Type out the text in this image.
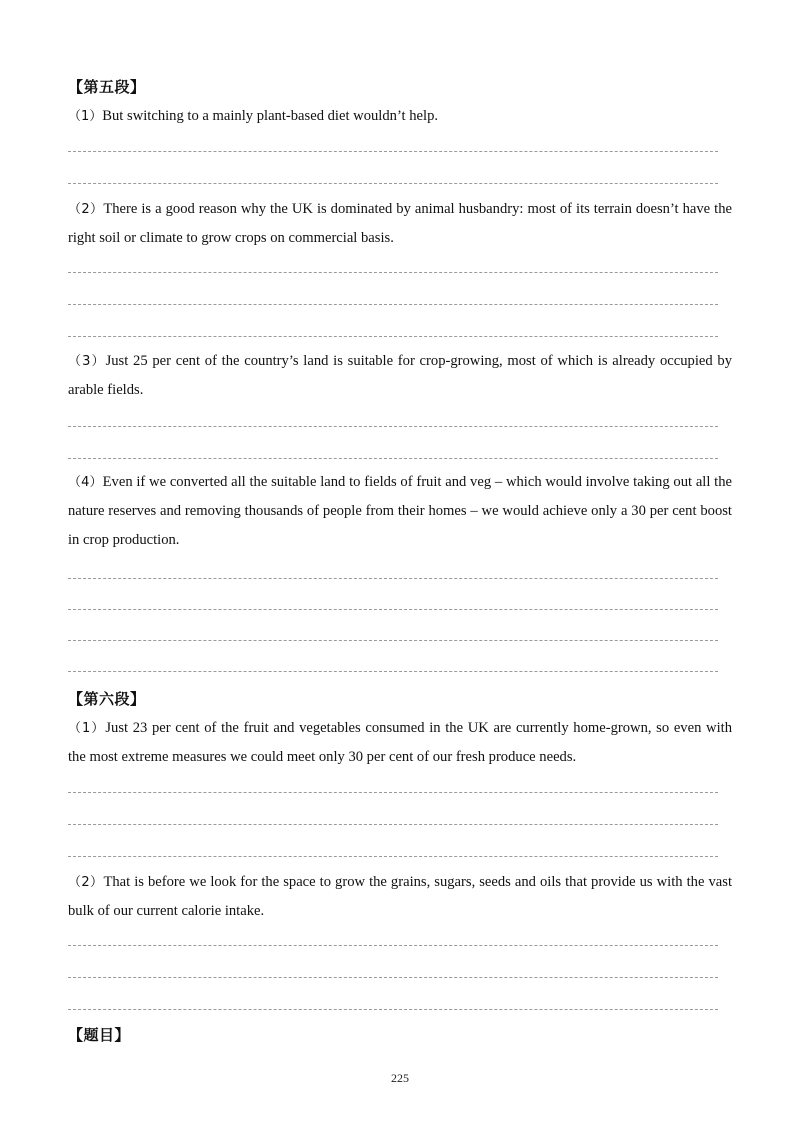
【第五段】

（1）But switching to a mainly plant-based diet wouldn’t help.

（2）There is a good reason why the UK is dominated by animal husbandry: most of its terrain doesn’t have the right soil or climate to grow crops on commercial basis.

（3）Just 25 per cent of the country’s land is suitable for crop-growing, most of which is already occupied by arable fields.

（4）Even if we converted all the suitable land to fields of fruit and veg – which would involve taking out all the nature reserves and removing thousands of people from their homes – we would achieve only a 30 per cent boost in crop production.

【第六段】

（1）Just 23 per cent of the fruit and vegetables consumed in the UK are currently home-grown, so even with the most extreme measures we could meet only 30 per cent of our fresh produce needs.

（2）That is before we look for the space to grow the grains, sugars, seeds and oils that provide us with the vast bulk of our current calorie intake.

【题目】
225
